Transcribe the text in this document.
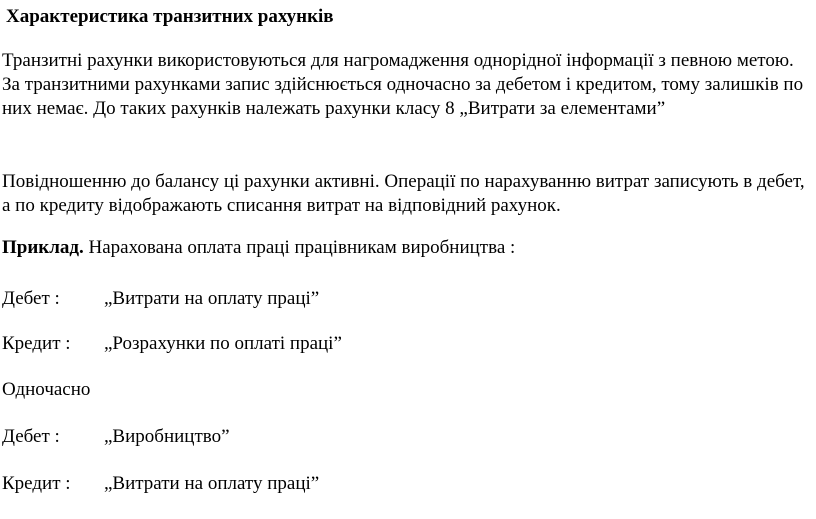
Характеристика транзитних рахунків

Транзитні рахунки використовуються для нагромадження однорідної інформації з певною метою. За транзитними рахунками запис здійснюється одночасно за дебетом і кредитом, тому залишків по них немає. До таких рахунків належать рахунки класу 8 „Витрати за елементами”

Повідношенню до балансу ці рахунки активні. Операції по нарахуванню витрат записують в дебет, а по кредиту відображають списання витрат на відповідний рахунок.

Приклад. Нарахована оплата праці працівникам виробництва :

Дебет : „Витрати на оплату праці”

Кредит : „Розрахунки по оплаті праці”

Одночасно

Дебет : „Виробництво”

Кредит : „Витрати на оплату праці”
